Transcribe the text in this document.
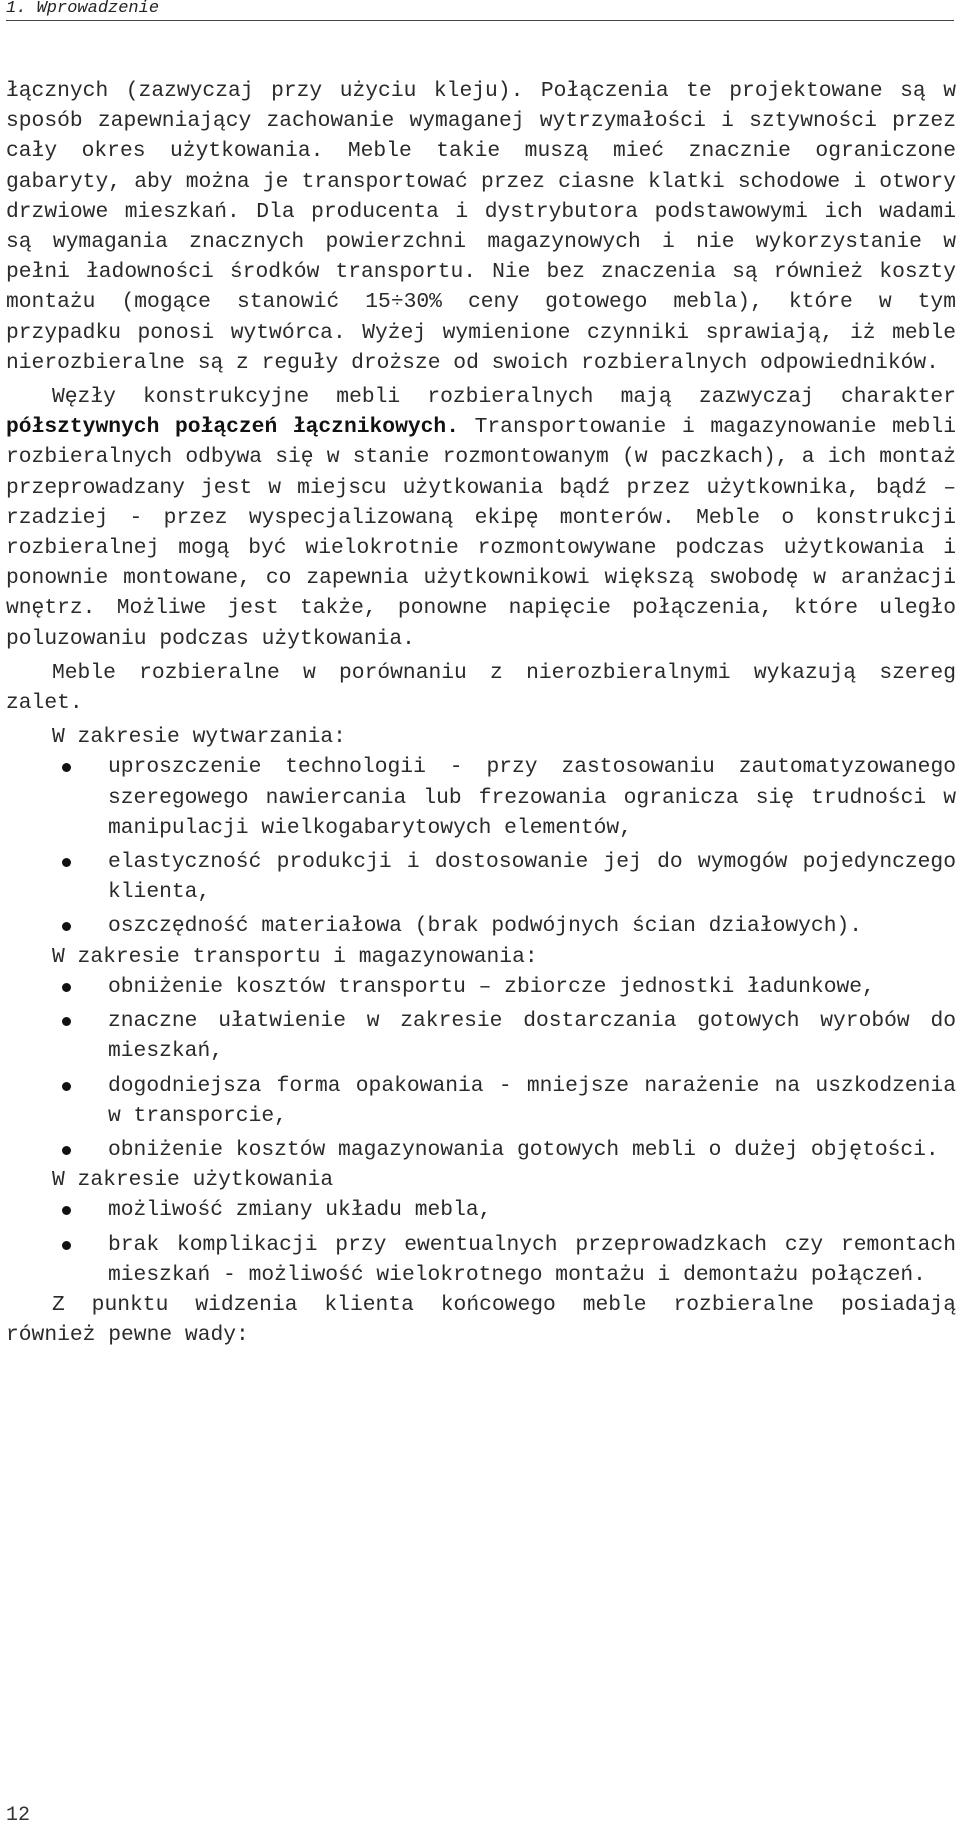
1. Wprowadzenie

łącznych (zazwyczaj przy użyciu kleju). Połączenia te projektowane są w sposób zapewniający zachowanie wymaganej wytrzymałości i sztywności przez cały okres użytkowania. Meble takie muszą mieć znacznie ograniczone gabaryty, aby można je transportować przez ciasne klatki schodowe i otwory drzwiowe mieszkań. Dla producenta i dystrybutora podstawowymi ich wadami są wymagania znacznych powierzchni magazynowych i nie wykorzystanie w pełni ładowności środków transportu. Nie bez znaczenia są również koszty montażu (mogące stanowić 15÷30% ceny gotowego mebla), które w tym przypadku ponosi wytwórca. Wyżej wymienione czynniki sprawiają, iż meble nierozbieralne są z reguły droższe od swoich rozbieralnych odpowiedników.

Węzły konstrukcyjne mebli rozbieralnych mają zazwyczaj charakter półsztywnych połączeń łącznikowych. Transportowanie i magazynowanie mebli rozbieralnych odbywa się w stanie rozmontowanym (w paczkach), a ich montaż przeprowadzany jest w miejscu użytkowania bądź przez użytkownika, bądź – rzadziej - przez wyspecjalizowaną ekipę monterów. Meble o konstrukcji rozbieralnej mogą być wielokrotnie rozmontowywane podczas użytkowania i ponownie montowane, co zapewnia użytkownikowi większą swobodę w aranżacji wnętrz. Możliwe jest także, ponowne napięcie połączenia, które uległo poluzowaniu podczas użytkowania.

Meble rozbieralne w porównaniu z nierozbieralnymi wykazują szereg zalet.

W zakresie wytwarzania:

uproszczenie technologii - przy zastosowaniu zautomatyzowanego szeregowego nawiercania lub frezowania ogranicza się trudności w manipulacji wielkogabarytowych elementów,
elastyczność produkcji i dostosowanie jej do wymogów pojedynczego klienta,
oszczędność materiałowa (brak podwójnych ścian działowych).

W zakresie transportu i magazynowania:

obniżenie kosztów transportu – zbiorcze jednostki ładunkowe,
znaczne ułatwienie w zakresie dostarczania gotowych wyrobów do mieszkań,
dogodniejsza forma opakowania - mniejsze narażenie na uszkodzenia w transporcie,
obniżenie kosztów magazynowania gotowych mebli o dużej objętości.

W zakresie użytkowania

możliwość zmiany układu mebla,
brak komplikacji przy ewentualnych przeprowadzkach czy remontach mieszkań - możliwość wielokrotnego montażu i demontażu połączeń.

Z punktu widzenia klienta końcowego meble rozbieralne posiadają również pewne wady:

12
